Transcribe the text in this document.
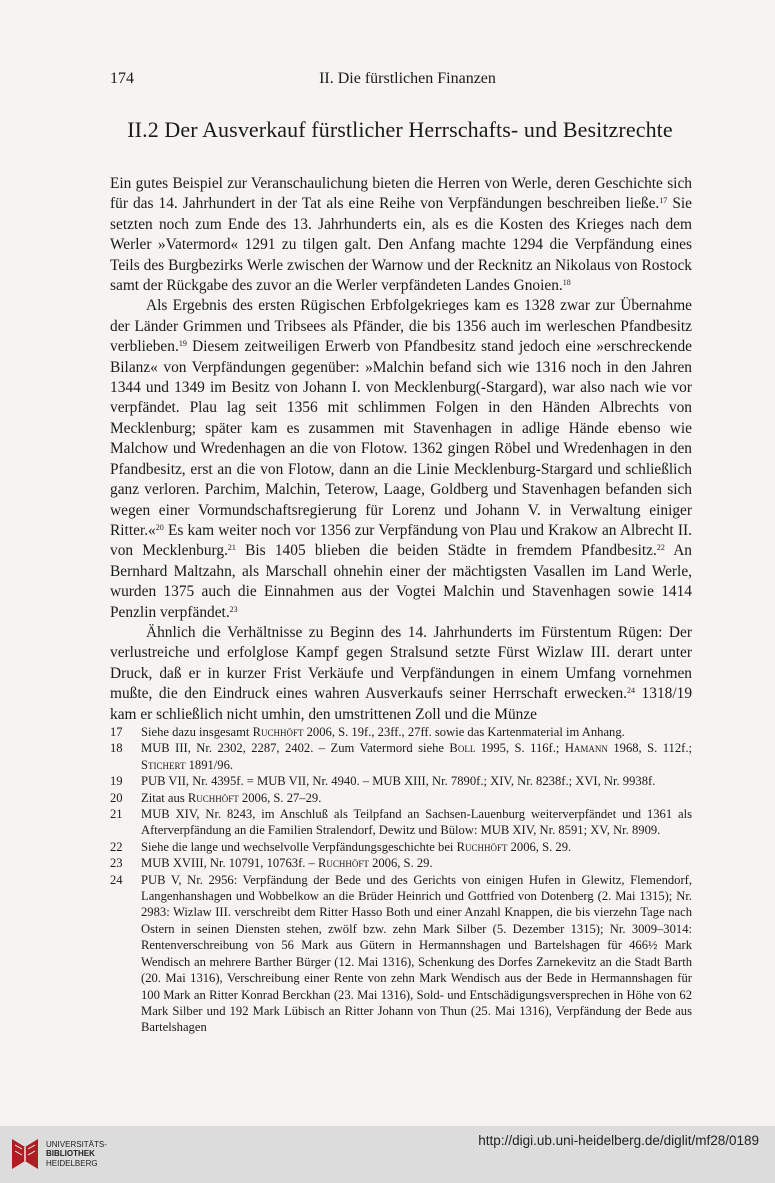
174	II. Die fürstlichen Finanzen
II.2 Der Ausverkauf fürstlicher Herrschafts- und Besitzrechte

Ein gutes Beispiel zur Veranschaulichung bieten die Herren von Werle, deren Geschichte sich für das 14. Jahrhundert in der Tat als eine Reihe von Verpfändungen beschreiben ließe.$^{17}$ Sie setzten noch zum Ende des 13. Jahrhunderts ein, als es die Kosten des Krieges nach dem Werler »Vatermord« 1291 zu tilgen galt. Den Anfang machte 1294 die Verpfändung eines Teils des Burgbezirks Werle zwischen der Warnow und der Recknitz an Nikolaus von Rostock samt der Rückgabe des zuvor an die Werler verpfändeten Landes Gnoien.$^{18}$

Als Ergebnis des ersten Rügischen Erbfolgekrieges kam es 1328 zwar zur Übernahme der Länder Grimmen und Tribsees als Pfänder, die bis 1356 auch im werleschen Pfandbesitz verblieben.$^{19}$ Diesem zeitweiligen Erwerb von Pfandbesitz stand jedoch eine »erschreckende Bilanz« von Verpfändungen gegenüber: »Malchin befand sich wie 1316 noch in den Jahren 1344 und 1349 im Besitz von Johann I. von Mecklenburg(-Stargard), war also nach wie vor verpfändet. Plau lag seit 1356 mit schlimmen Folgen in den Händen Albrechts von Mecklenburg; später kam es zusammen mit Stavenhagen in adlige Hände ebenso wie Malchow und Wredenhagen an die von Flotow. 1362 gingen Röbel und Wredenhagen in den Pfandbesitz, erst an die von Flotow, dann an die Linie Mecklenburg-Stargard und schließlich ganz verloren. Parchim, Malchin, Teterow, Laage, Goldberg und Stavenhagen befanden sich wegen einer Vormundschaftsregierung für Lorenz und Johann V. in Verwaltung einiger Ritter.«$^{20}$ Es kam weiter noch vor 1356 zur Verpfändung von Plau und Krakow an Albrecht II. von Mecklenburg.$^{21}$ Bis 1405 blieben die beiden Städte in fremdem Pfandbesitz.$^{22}$ An Bernhard Maltzahn, als Marschall ohnehin einer der mächtigsten Vasallen im Land Werle, wurden 1375 auch die Einnahmen aus der Vogtei Malchin und Stavenhagen sowie 1414 Penzlin verpfändet.$^{23}$

Ähnlich die Verhältnisse zu Beginn des 14. Jahrhunderts im Fürstentum Rügen: Der verlustreiche und erfolglose Kampf gegen Stralsund setzte Fürst Wizlaw III. derart unter Druck, daß er in kurzer Frist Verkäufe und Verpfändungen in einem Umfang vornehmen mußte, die den Eindruck eines wahren Ausverkaufs seiner Herrschaft erwecken.$^{24}$ 1318/19 kam er schließlich nicht umhin, den umstrittenen Zoll und die Münze

17	Siehe dazu insgesamt Ruchhöft 2006, S. 19f., 23ff., 27ff. sowie das Kartenmaterial im Anhang.
18	MUB III, Nr. 2302, 2287, 2402. – Zum Vatermord siehe Boll 1995, S. 116f.; Hamann 1968, S. 112f.; Stichert 1891/96.
19	PUB VII, Nr. 4395f. = MUB VII, Nr. 4940. – MUB XIII, Nr. 7890f.; XIV, Nr. 8238f.; XVI, Nr. 9938f.
20	Zitat aus Ruchhöft 2006, S. 27–29.
21	MUB XIV, Nr. 8243, im Anschluß als Teilpfand an Sachsen-Lauenburg weiterverpfändet und 1361 als Afterverpfändung an die Familien Stralendorf, Dewitz und Bülow: MUB XIV, Nr. 8591; XV, Nr. 8909.
22	Siehe die lange und wechselvolle Verpfändungsgeschichte bei Ruchhöft 2006, S. 29.
23	MUB XVIII, Nr. 10791, 10763f. – Ruchhöft 2006, S. 29.
24	PUB V, Nr. 2956: Verpfändung der Bede und des Gerichts von einigen Hufen in Glewitz, Flemendorf, Langenhanshagen und Wobbelkow an die Brüder Heinrich und Gottfried von Dotenberg (2. Mai 1315); Nr. 2983: Wizlaw III. verschreibt dem Ritter Hasso Both und einer Anzahl Knappen, die bis vierzehn Tage nach Ostern in seinen Diensten stehen, zwölf bzw. zehn Mark Silber (5. Dezember 1315); Nr. 3009–3014: Rentenverschreibung von 56 Mark aus Gütern in Hermannshagen und Bartelshagen für 466½ Mark Wendisch an mehrere Barther Bürger (12. Mai 1316), Schenkung des Dorfes Zarnekevitz an die Stadt Barth (20. Mai 1316), Verschreibung einer Rente von zehn Mark Wendisch aus der Bede in Hermannshagen für 100 Mark an Ritter Konrad Berckhan (23. Mai 1316), Sold- und Entschädigungsversprechen in Höhe von 62 Mark Silber und 192 Mark Lübisch an Ritter Johann von Thun (25. Mai 1316), Verpfändung der Bede aus Bartelshagen
UNIVERSITÄTS-
BIBLIOTHEK
HEIDELBERG
http://digi.ub.uni-heidelberg.de/diglit/mf28/0189
